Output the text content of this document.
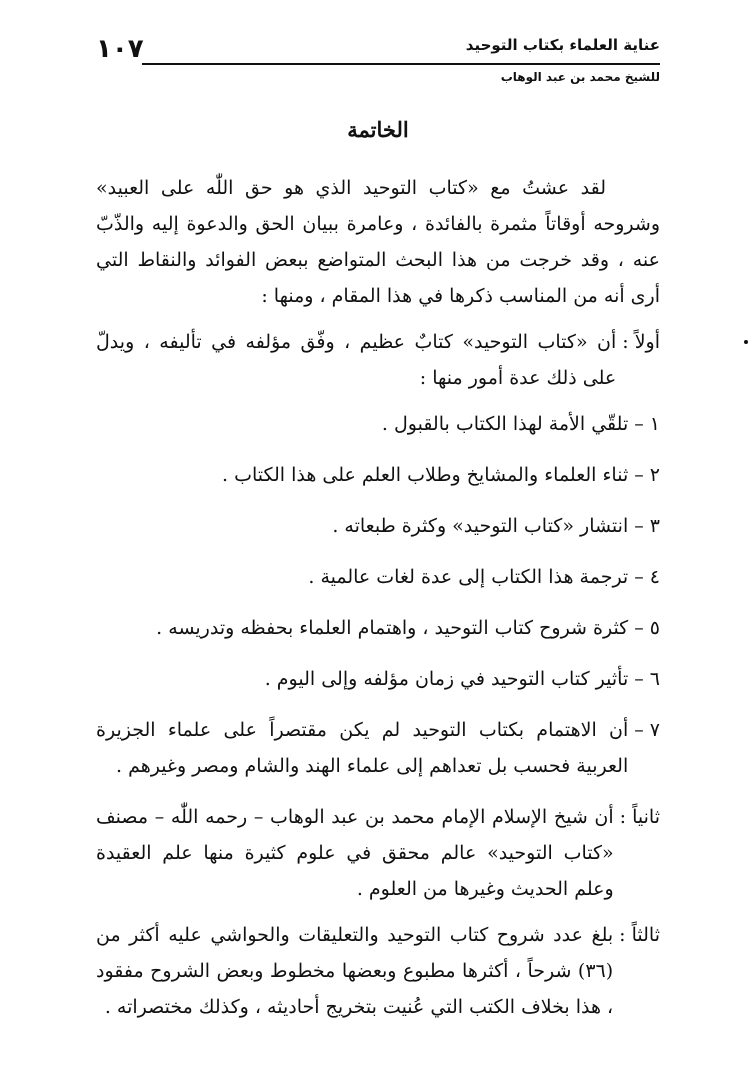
١٠٧	عناية العلماء بكتاب التوحيد
للشيخ محمد بن عبد الوهاب
الخاتمة

لقد عشتُ مع «كتاب التوحيد الذي هو حق اللّٰه على العبيد» وشروحه أوقاتاً مثمرة بالفائدة ، وعامرة ببيان الحق والدعوة إليه والذّبّ عنه ، وقد خرجت من هذا البحث المتواضع ببعض الفوائد والنقاط التي أرى أنه من المناسب ذكرها في هذا المقام ، ومنها :

أولاً :
أن «كتاب التوحيد» كتابٌ عظيم ، وفّق مؤلفه في تأليفه ، ويدلّ على ذلك عدة أمور منها :
١ –
تلقّي الأمة لهذا الكتاب بالقبول .
٢ –
ثناء العلماء والمشايخ وطلاب العلم على هذا الكتاب .
٣ –
انتشار «كتاب التوحيد» وكثرة طبعاته .
٤ –
ترجمة هذا الكتاب إلى عدة لغات عالمية .
٥ –
كثرة شروح كتاب التوحيد ، واهتمام العلماء بحفظه وتدريسه .
٦ –
تأثير كتاب التوحيد في زمان مؤلفه وإلى اليوم .
٧ –
أن الاهتمام بكتاب التوحيد لم يكن مقتصراً على علماء الجزيرة العربية فحسب بل تعداهم إلى علماء الهند والشام ومصر وغيرهم .
ثانياً :
أن شيخ الإسلام الإمام محمد بن عبد الوهاب – رحمه اللّٰه – مصنف «كتاب التوحيد» عالم محقق في علوم كثيرة منها علم العقيدة وعلم الحديث وغيرها من العلوم .
ثالثاً :
بلغ عدد شروح كتاب التوحيد والتعليقات والحواشي عليه أكثر من (٣٦) شرحاً ، أكثرها مطبوع وبعضها مخطوط وبعض الشروح مفقود ، هذا بخلاف الكتب التي عُنيت بتخريج أحاديثه ، وكذلك مختصراته .
